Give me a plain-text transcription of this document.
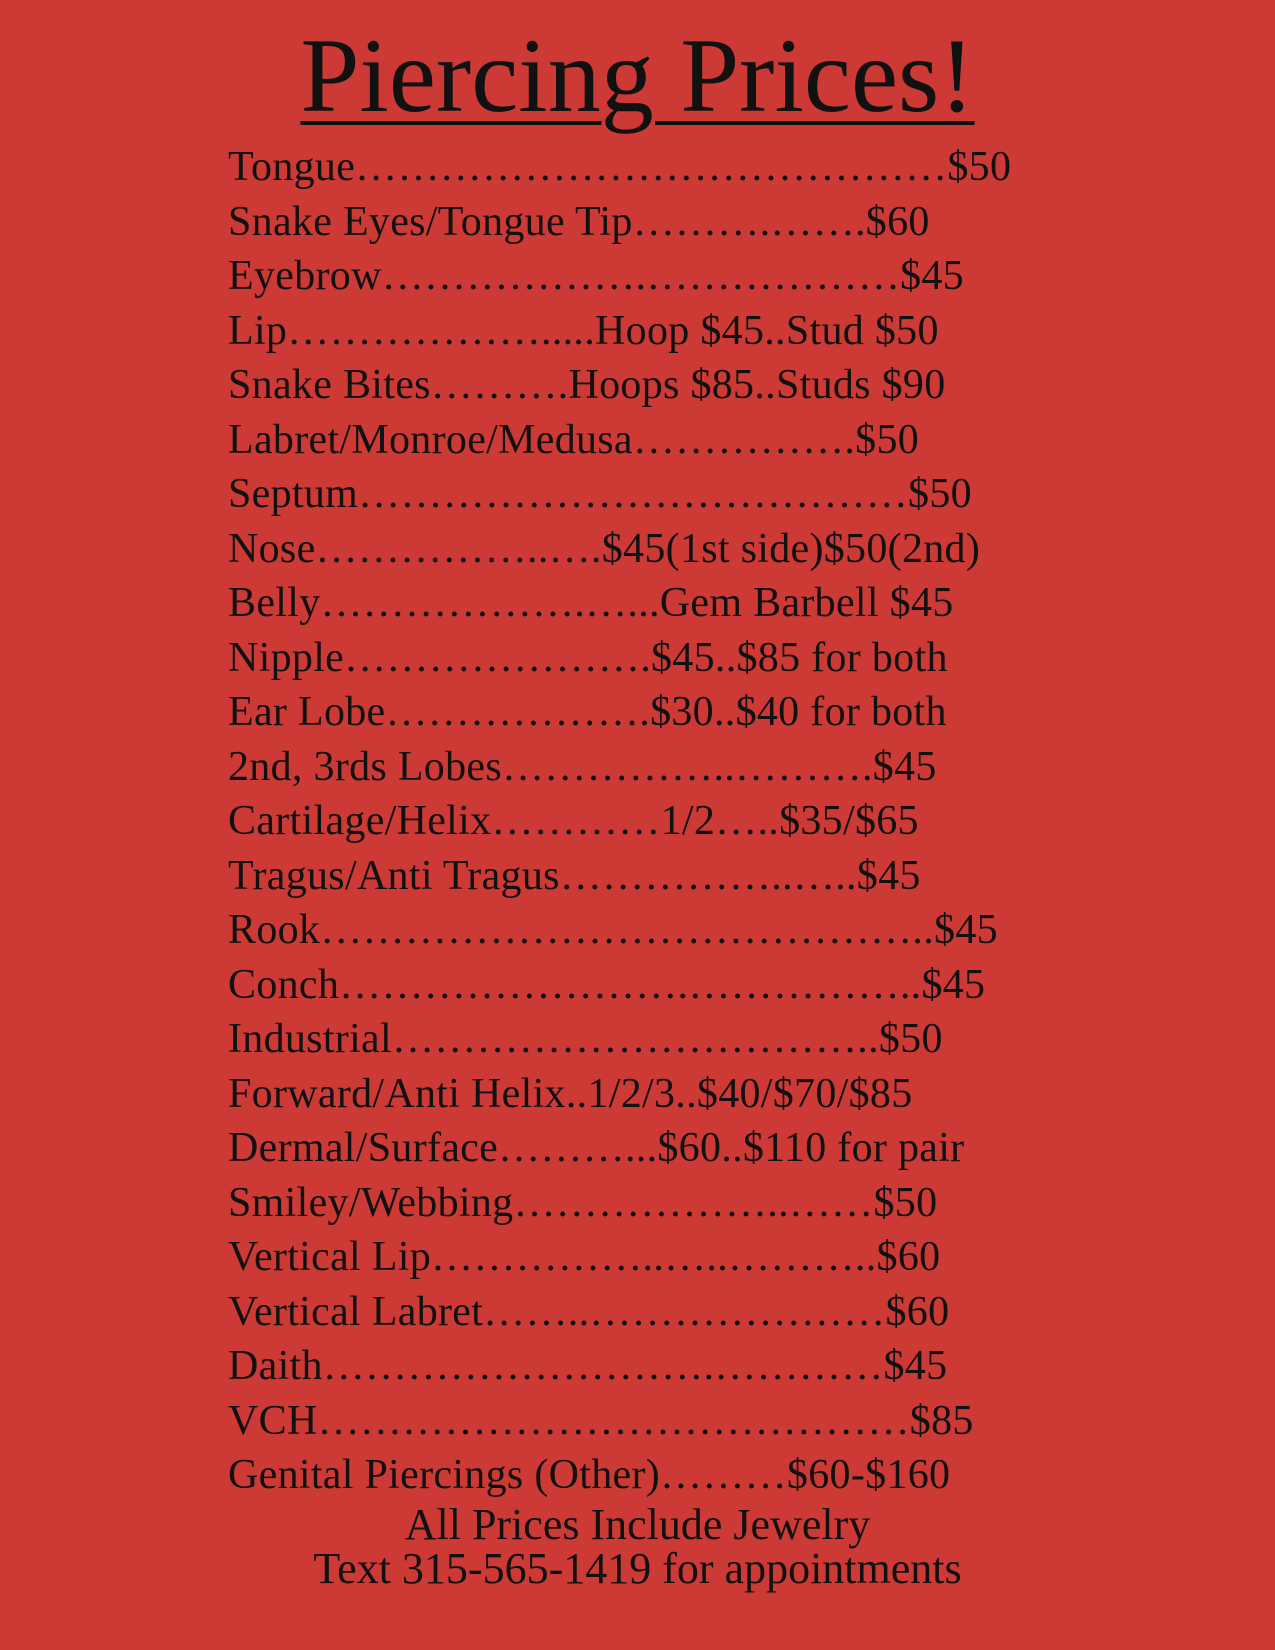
Piercing Prices!
Tongue……………………………………$50
Snake Eyes/Tongue Tip……….…….$60
Eyebrow……………….………………$45
Lip……………….....Hoop $45..Stud $50
Snake Bites……….Hoops $85..Studs $90
Labret/Monroe/Medusa…………….$50
Septum…………………………………$50
Nose……………..….$45(1st side)$50(2nd)
Belly……………….…...Gem Barbell $45
Nipple………………….$45..$85 for both
Ear Lobe……………….$30..$40 for both
2nd, 3rds Lobes……………..……….$45
Cartilage/Helix…………1/2…..$35/$65
Tragus/Anti Tragus……………..…..$45
Rook……………………………………..$45
Conch…………………….……………..$45
Industrial……………………………..$50
Forward/Anti Helix..1/2/3..$40/$70/$85
Dermal/Surface………...$60..$110 for pair
Smiley/Webbing………………..……$50
Vertical Lip……………..…..………..$60
Vertical Labret……..…………………$60
Daith……………………….…………$45
VCH……………………………………$85
Genital Piercings (Other)………$60-$160
All Prices Include Jewelry
Text 315-565-1419 for appointments
